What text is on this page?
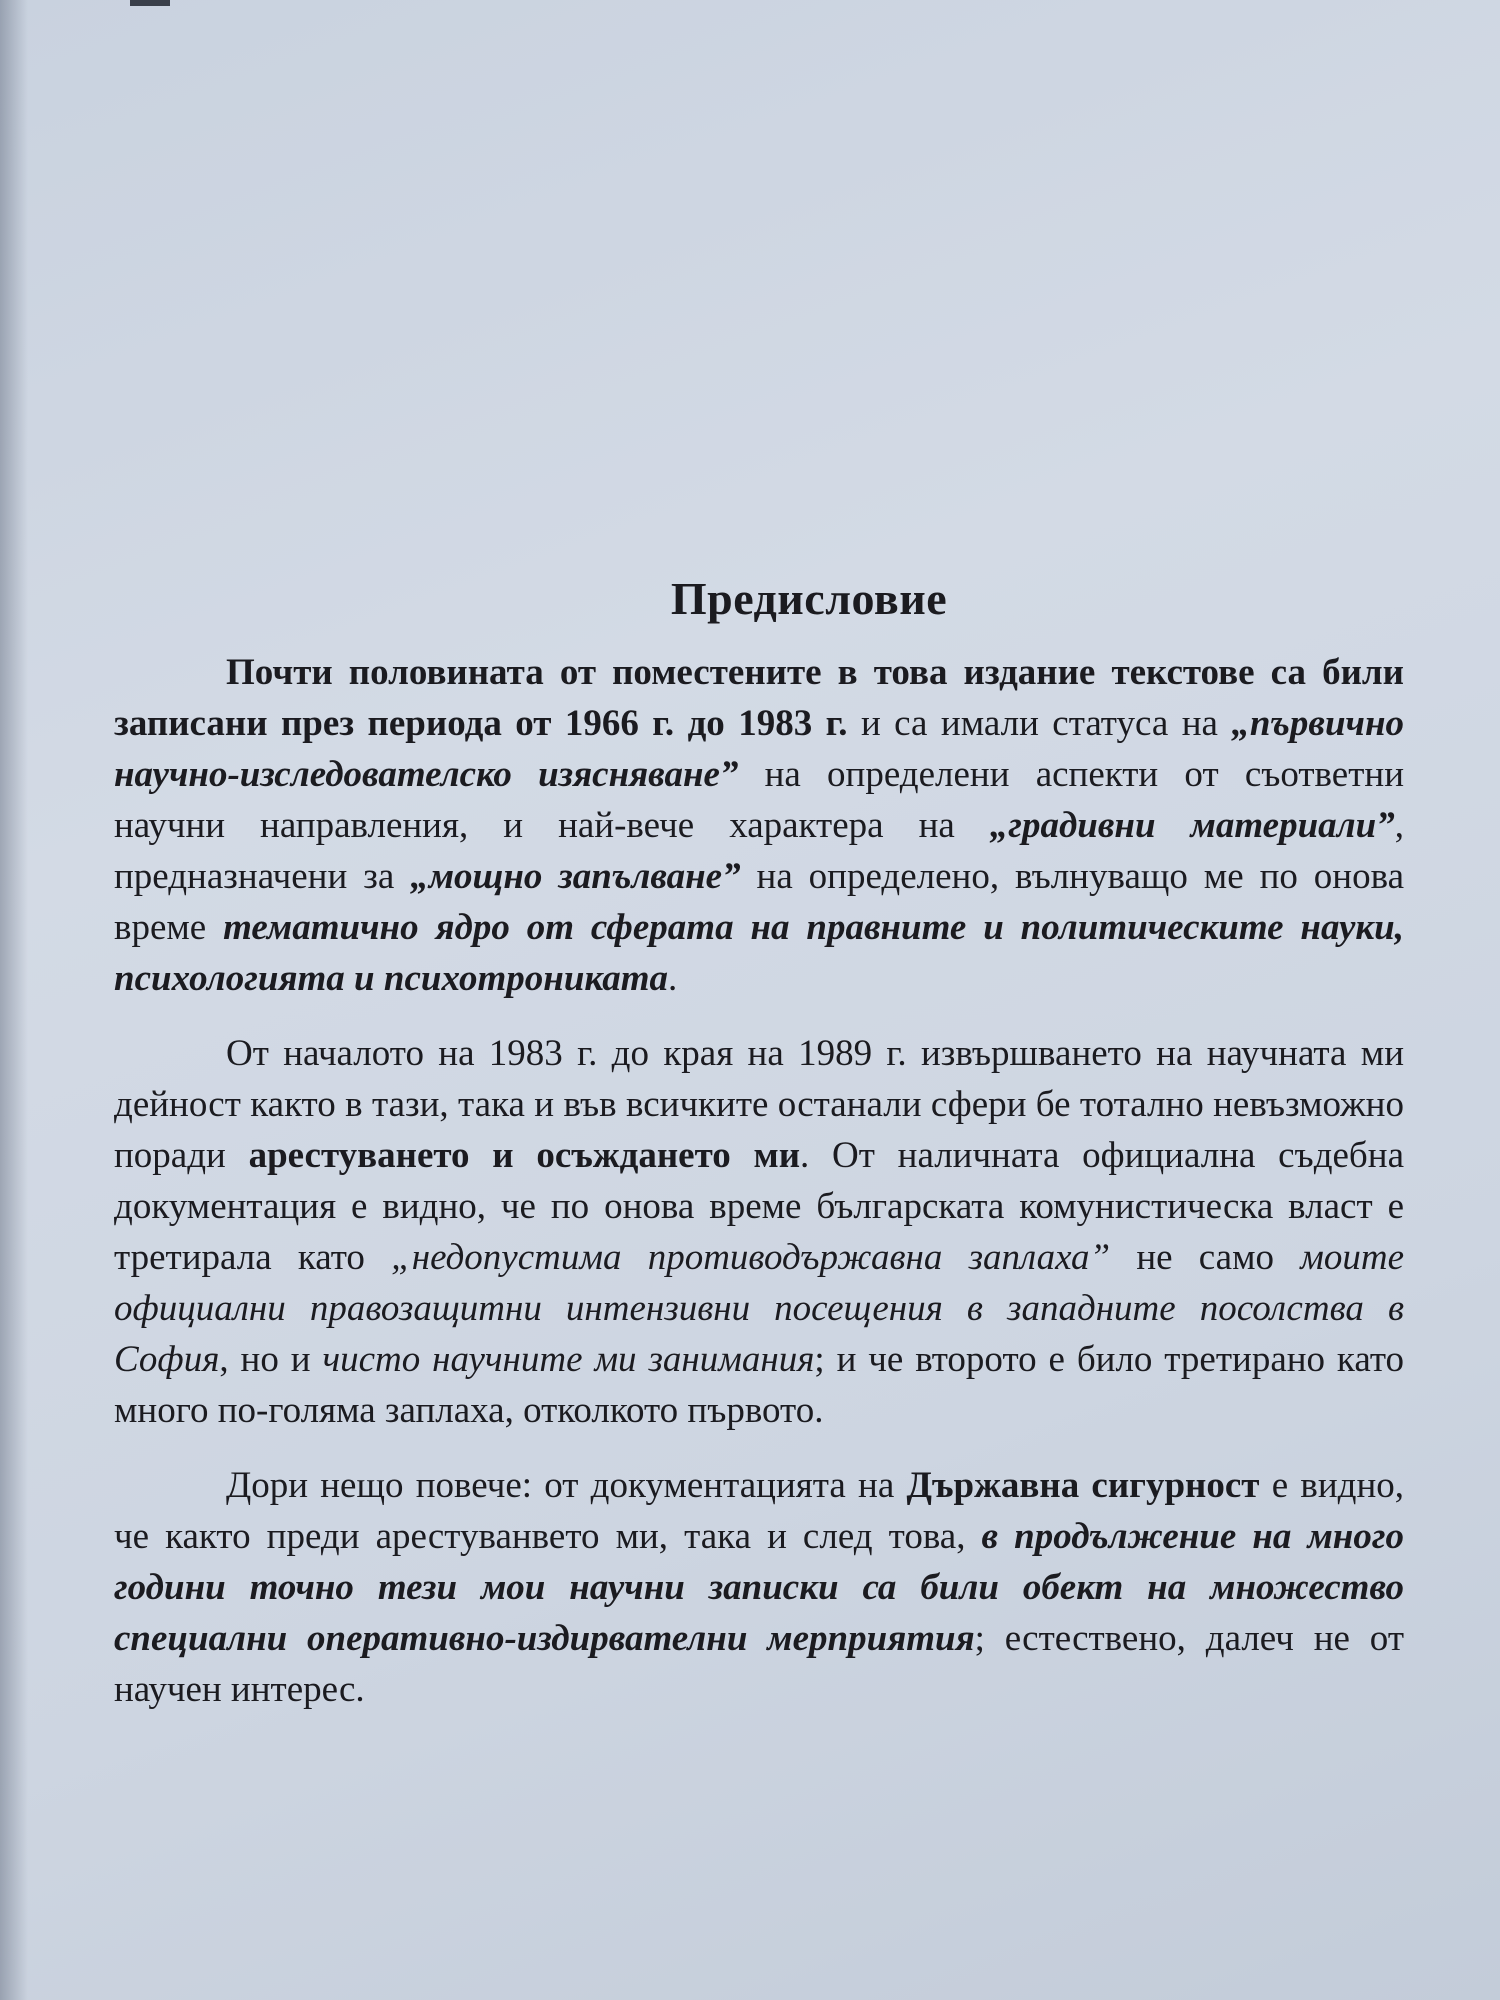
Предисловие

Почти половината от поместените в това издание текстове са били записани през периода от 1966 г. до 1983 г. и са имали статуса на „първично научно-изследователско изясняване” на определени аспекти от съответни научни направления, и най-вече характера на „градивни материали”, предназначени за „мощно запълване” на определено, вълнуващо ме по онова време тематично ядро от сферата на правните и политическите науки, психологията и психотрониката.

От началото на 1983 г. до края на 1989 г. извършването на научната ми дейност както в тази, така и във всичките останали сфери бе тотално невъзможно поради арестуването и осъждането ми. От наличната официална съдебна документация е видно, че по онова време българската комунистическа власт е третирала като „недопустима противодържавна заплаха” не само моите официални правозащитни интензивни посещения в западните посолства в София, но и чисто научните ми занимания; и че второто е било третирано като много по-голяма заплаха, отколкото първото.

Дори нещо повече: от документацията на Държавна сигурност е видно, че както преди арестуванвето ми, така и след това, в продължение на много години точно тези мои научни записки са били обект на множество специални оперативно-издирвателни мерприятия; естествено, далеч не от научен интерес.
